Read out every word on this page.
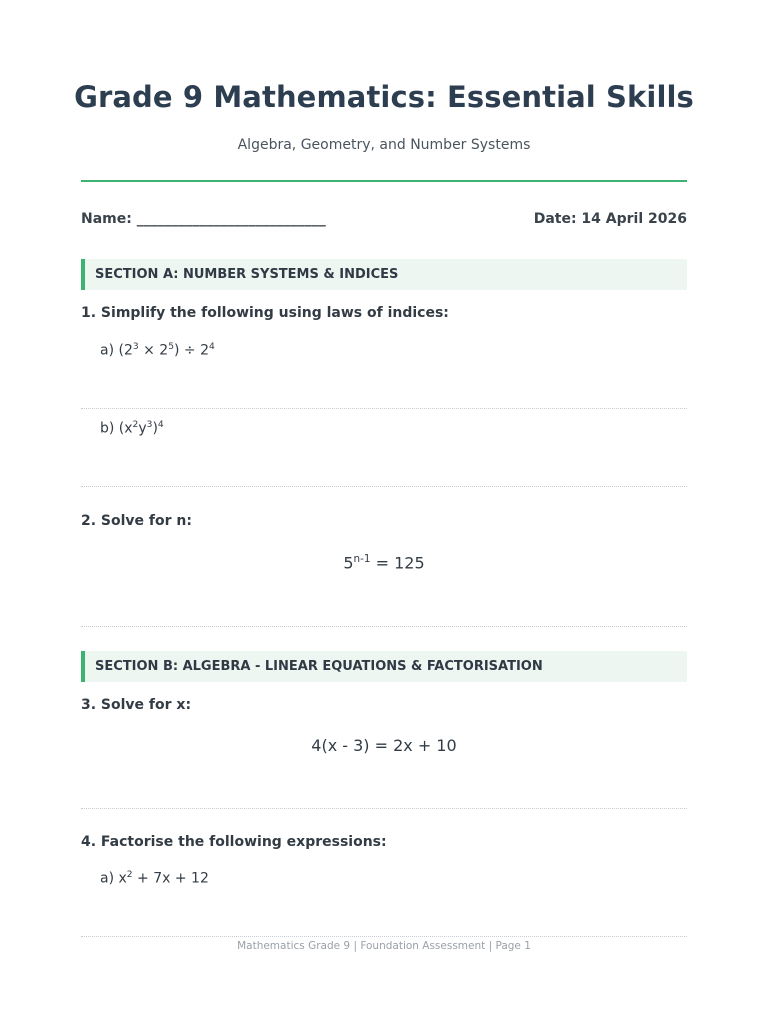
Grade 9 Mathematics: Essential Skills
Algebra, Geometry, and Number Systems
Name: ___________________________	Date: 14 April 2026
SECTION A: NUMBER SYSTEMS & INDICES
1. Simplify the following using laws of indices:
a) $(2^3 \times 2^5) \div 2^4$
b) $(x^2y^3)^4$
2. Solve for n:
$5^{n-1} = 125$
SECTION B: ALGEBRA - LINEAR EQUATIONS & FACTORISATION
3. Solve for x:
4(x - 3) = 2x + 10
4. Factorise the following expressions:
a) $x^2 + 7x + 12$
Mathematics Grade 9 | Foundation Assessment | Page 1
